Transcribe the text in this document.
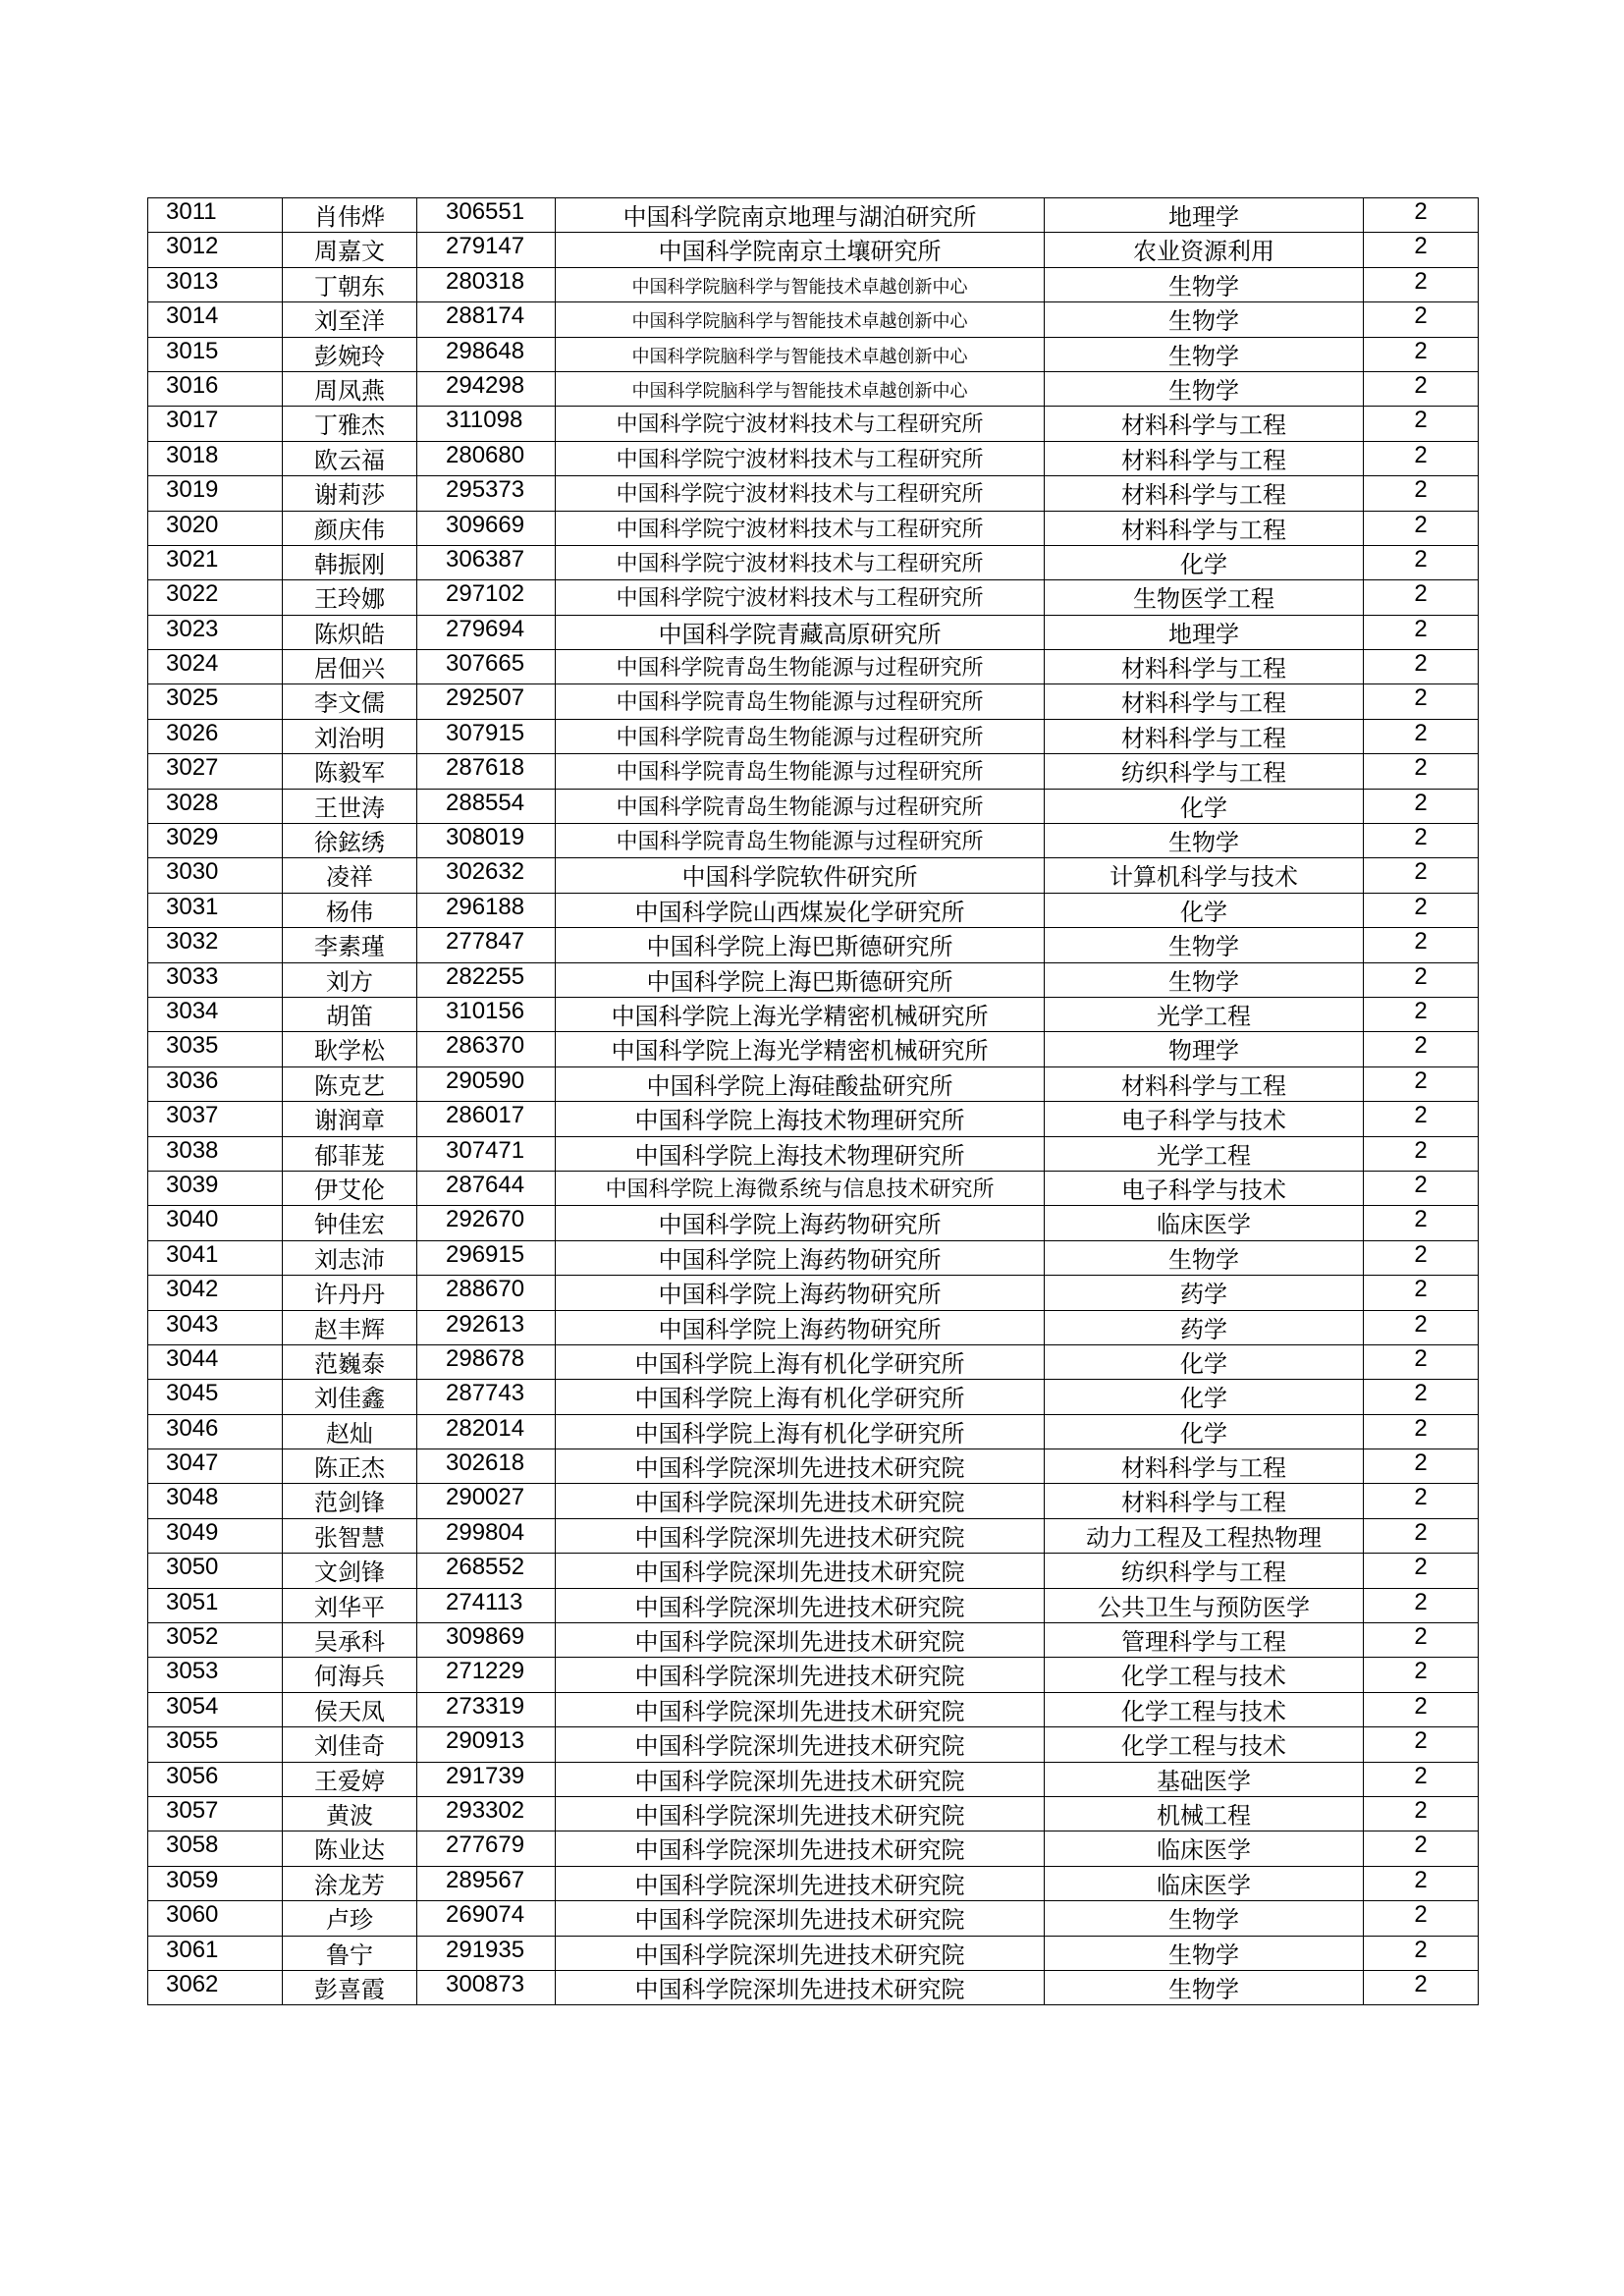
3011	肖伟烨	306551	中国科学院南京地理与湖泊研究所	地理学	2
3012	周嘉文	279147	中国科学院南京土壤研究所	农业资源利用	2
3013	丁朝东	280318	中国科学院脑科学与智能技术卓越创新中心	生物学	2
3014	刘至洋	288174	中国科学院脑科学与智能技术卓越创新中心	生物学	2
3015	彭婉玲	298648	中国科学院脑科学与智能技术卓越创新中心	生物学	2
3016	周凤燕	294298	中国科学院脑科学与智能技术卓越创新中心	生物学	2
3017	丁雅杰	311098	中国科学院宁波材料技术与工程研究所	材料科学与工程	2
3018	欧云福	280680	中国科学院宁波材料技术与工程研究所	材料科学与工程	2
3019	谢莉莎	295373	中国科学院宁波材料技术与工程研究所	材料科学与工程	2
3020	颜庆伟	309669	中国科学院宁波材料技术与工程研究所	材料科学与工程	2
3021	韩振刚	306387	中国科学院宁波材料技术与工程研究所	化学	2
3022	王玲娜	297102	中国科学院宁波材料技术与工程研究所	生物医学工程	2
3023	陈炽皓	279694	中国科学院青藏高原研究所	地理学	2
3024	居佃兴	307665	中国科学院青岛生物能源与过程研究所	材料科学与工程	2
3025	李文儒	292507	中国科学院青岛生物能源与过程研究所	材料科学与工程	2
3026	刘治明	307915	中国科学院青岛生物能源与过程研究所	材料科学与工程	2
3027	陈毅军	287618	中国科学院青岛生物能源与过程研究所	纺织科学与工程	2
3028	王世涛	288554	中国科学院青岛生物能源与过程研究所	化学	2
3029	徐鉉绣	308019	中国科学院青岛生物能源与过程研究所	生物学	2
3030	凌祥	302632	中国科学院软件研究所	计算机科学与技术	2
3031	杨伟	296188	中国科学院山西煤炭化学研究所	化学	2
3032	李素瑾	277847	中国科学院上海巴斯德研究所	生物学	2
3033	刘方	282255	中国科学院上海巴斯德研究所	生物学	2
3034	胡笛	310156	中国科学院上海光学精密机械研究所	光学工程	2
3035	耿学松	286370	中国科学院上海光学精密机械研究所	物理学	2
3036	陈克艺	290590	中国科学院上海硅酸盐研究所	材料科学与工程	2
3037	谢润章	286017	中国科学院上海技术物理研究所	电子科学与技术	2
3038	郁菲茏	307471	中国科学院上海技术物理研究所	光学工程	2
3039	伊艾伦	287644	中国科学院上海微系统与信息技术研究所	电子科学与技术	2
3040	钟佳宏	292670	中国科学院上海药物研究所	临床医学	2
3041	刘志沛	296915	中国科学院上海药物研究所	生物学	2
3042	许丹丹	288670	中国科学院上海药物研究所	药学	2
3043	赵丰辉	292613	中国科学院上海药物研究所	药学	2
3044	范巍泰	298678	中国科学院上海有机化学研究所	化学	2
3045	刘佳鑫	287743	中国科学院上海有机化学研究所	化学	2
3046	赵灿	282014	中国科学院上海有机化学研究所	化学	2
3047	陈正杰	302618	中国科学院深圳先进技术研究院	材料科学与工程	2
3048	范剑锋	290027	中国科学院深圳先进技术研究院	材料科学与工程	2
3049	张智慧	299804	中国科学院深圳先进技术研究院	动力工程及工程热物理	2
3050	文剑锋	268552	中国科学院深圳先进技术研究院	纺织科学与工程	2
3051	刘华平	274113	中国科学院深圳先进技术研究院	公共卫生与预防医学	2
3052	吴承科	309869	中国科学院深圳先进技术研究院	管理科学与工程	2
3053	何海兵	271229	中国科学院深圳先进技术研究院	化学工程与技术	2
3054	侯天凤	273319	中国科学院深圳先进技术研究院	化学工程与技术	2
3055	刘佳奇	290913	中国科学院深圳先进技术研究院	化学工程与技术	2
3056	王爱婷	291739	中国科学院深圳先进技术研究院	基础医学	2
3057	黄波	293302	中国科学院深圳先进技术研究院	机械工程	2
3058	陈业达	277679	中国科学院深圳先进技术研究院	临床医学	2
3059	涂龙芳	289567	中国科学院深圳先进技术研究院	临床医学	2
3060	卢珍	269074	中国科学院深圳先进技术研究院	生物学	2
3061	鲁宁	291935	中国科学院深圳先进技术研究院	生物学	2
3062	彭喜霞	300873	中国科学院深圳先进技术研究院	生物学	2
